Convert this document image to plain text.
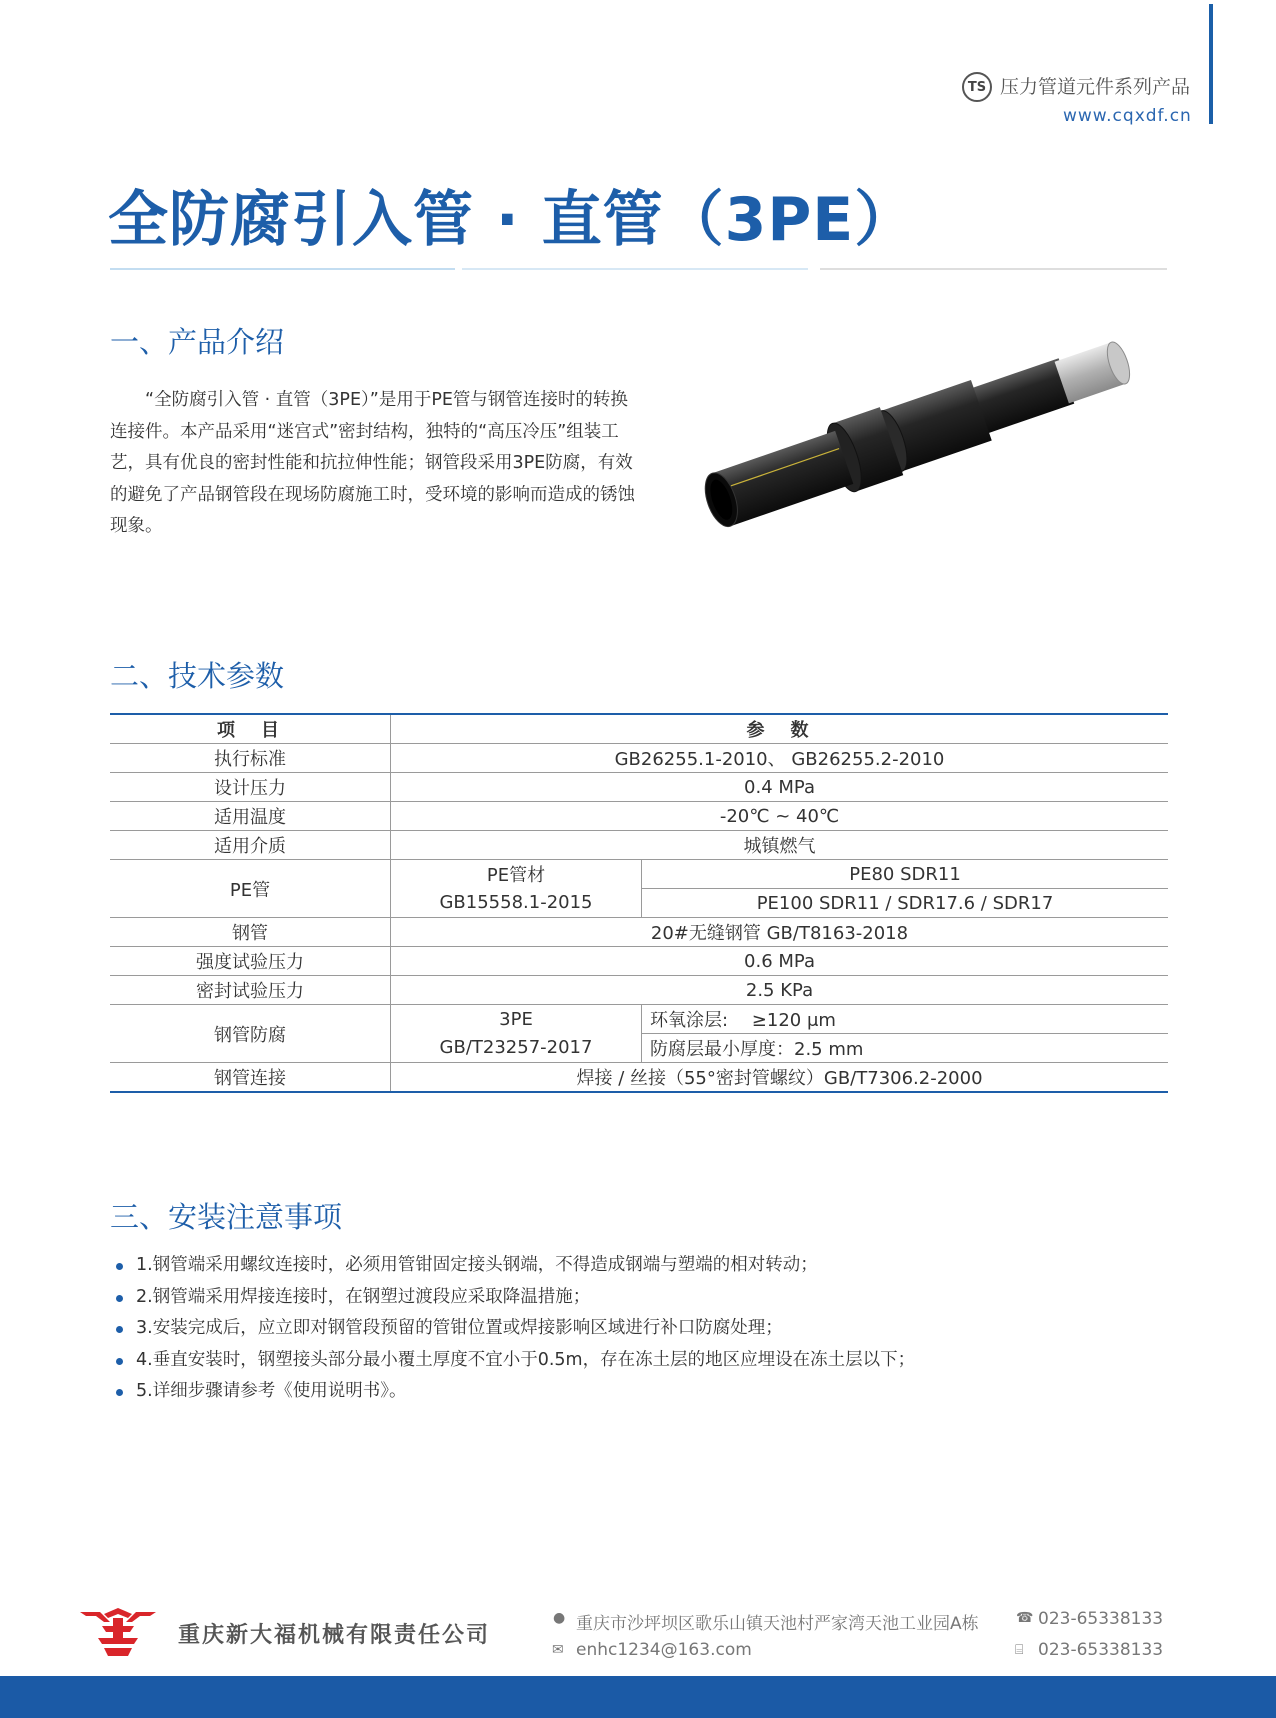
TS 压力管道元件系列产品
www.cqxdf.cn
全防腐引入管 · 直管（3PE）
一、产品介绍

“全防腐引入管 · 直管（3PE）”是用于PE管与钢管连接时的转换连接件。本产品采用“迷宫式”密封结构，独特的“高压冷压”组装工艺，具有优良的密封性能和抗拉伸性能；钢管段采用3PE防腐，有效的避免了产品钢管段在现场防腐施工时，受环境的影响而造成的锈蚀现象。

二、技术参数
项　目	参　数	
执行标准	GB26255.1-2010、 GB26255.2-2010	
设计压力	0.4 MPa	
适用温度	-20℃ ~ 40℃	
适用介质	城镇燃气	
PE管	PE管材	PE80 SDR11
	GB15558.1-2015	PE100 SDR11 / SDR17.6 / SDR17
钢管	20#无缝钢管 GB/T8163-2018	
强度试验压力	0.6 MPa	
密封试验压力	2.5 KPa	
钢管防腐	3PE	环氧涂层:　 ≥120 μm
	GB/T23257-2017	防腐层最小厚度：2.5 mm
钢管连接	焊接 / 丝接（55°密封管螺纹）GB/T7306.2-2000	
三、安装注意事项
1.钢管端采用螺纹连接时，必须用管钳固定接头钢端，不得造成钢端与塑端的相对转动；
2.钢管端采用焊接连接时，在钢塑过渡段应采取降温措施；
3.安装完成后，应立即对钢管段预留的管钳位置或焊接影响区域进行补口防腐处理；
4.垂直安装时，钢塑接头部分最小覆土厚度不宜小于0.5m，存在冻土层的地区应埋设在冻土层以下；
5.详细步骤请参考《使用说明书》。
重庆新大福机械有限责任公司
● 重庆市沙坪坝区歌乐山镇天池村严家湾天池工业园A栋
✉ enhc1234@163.com
☎ 023-65338133
⌸ 023-65338133
